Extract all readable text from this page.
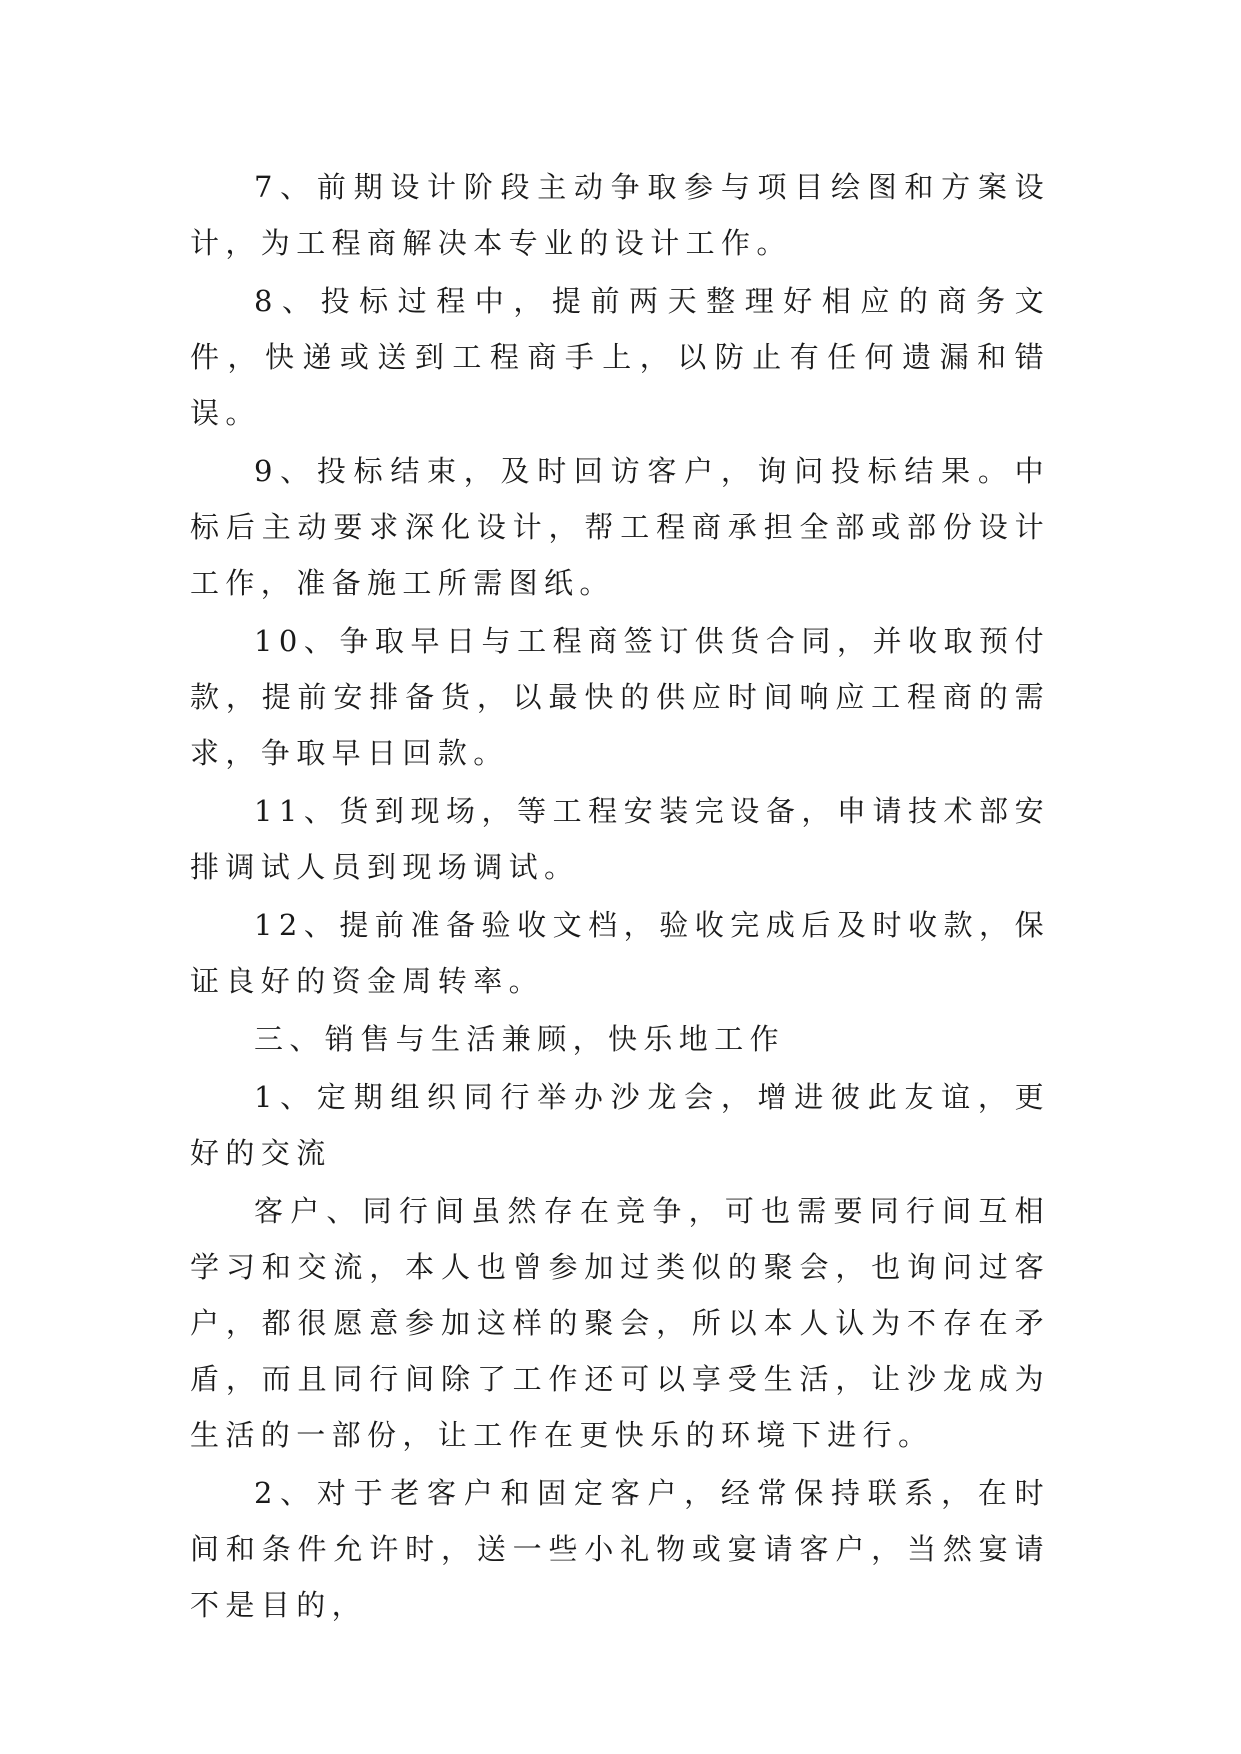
7、前期设计阶段主动争取参与项目绘图和方案设计，为工程商解决本专业的设计工作。

8、投标过程中，提前两天整理好相应的商务文件，快递或送到工程商手上，以防止有任何遗漏和错误。

9、投标结束，及时回访客户，询问投标结果。中标后主动要求深化设计，帮工程商承担全部或部份设计工作，准备施工所需图纸。

10、争取早日与工程商签订供货合同，并收取预付款，提前安排备货，以最快的供应时间响应工程商的需求，争取早日回款。

11、货到现场，等工程安装完设备，申请技术部安排调试人员到现场调试。

12、提前准备验收文档，验收完成后及时收款，保证良好的资金周转率。

三、销售与生活兼顾，快乐地工作

1、定期组织同行举办沙龙会，增进彼此友谊，更好的交流

客户、同行间虽然存在竞争，可也需要同行间互相学习和交流，本人也曾参加过类似的聚会，也询问过客户，都很愿意参加这样的聚会，所以本人认为不存在矛盾，而且同行间除了工作还可以享受生活，让沙龙成为生活的一部份，让工作在更快乐的环境下进行。

2、对于老客户和固定客户，经常保持联系，在时间和条件允许时，送一些小礼物或宴请客户，当然宴请不是目的，
